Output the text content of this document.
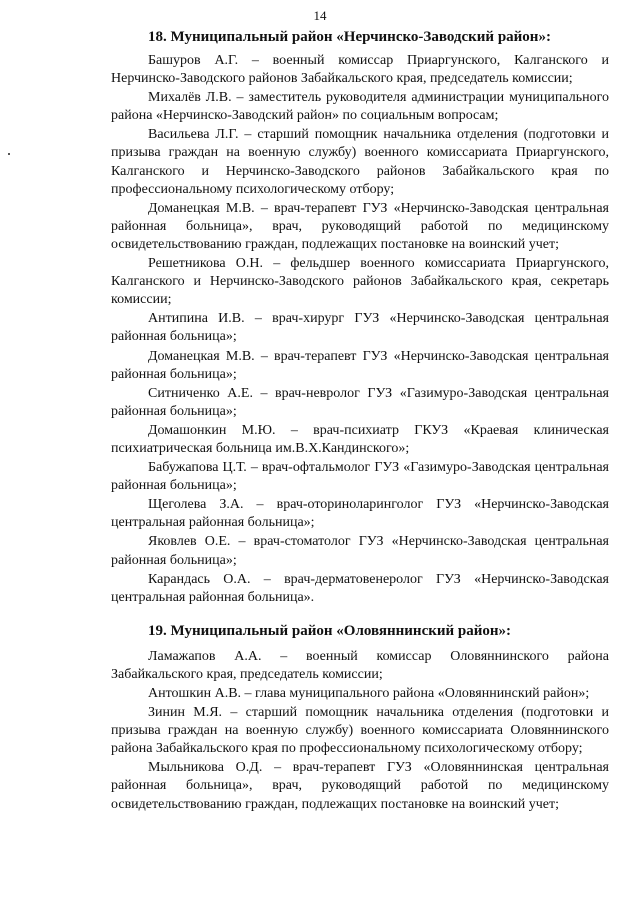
14

18. Муниципальный район «Нерчинско-Заводский район»:

Башуров А.Г. – военный комиссар Приаргунского, Калганского и Нерчинско-Заводского районов Забайкальского края, председатель комиссии;

Михалёв Л.В. – заместитель руководителя администрации муниципального района «Нерчинско-Заводский район» по социальным вопросам;

Васильева Л.Г. – старший помощник начальника отделения (подготовки и призыва граждан на военную службу) военного комиссариата Приаргунского, Калганского и Нерчинско-Заводского районов Забайкальского края по профессиональному психологическому отбору;

Доманецкая М.В. – врач-терапевт ГУЗ «Нерчинско-Заводская центральная районная больница», врач, руководящий работой по медицинскому освидетельствованию граждан, подлежащих постановке на воинский учет;

Решетникова О.Н. – фельдшер военного комиссариата Приаргунского, Калганского и Нерчинско-Заводского районов Забайкальского края, секретарь комиссии;

Антипина И.В. – врач-хирург ГУЗ «Нерчинско-Заводская центральная районная больница»;

Доманецкая М.В. – врач-терапевт ГУЗ «Нерчинско-Заводская центральная районная больница»;

Ситниченко А.Е. – врач-невролог ГУЗ «Газимуро-Заводская центральная районная больница»;

Домашонкин М.Ю. – врач-психиатр ГКУЗ «Краевая клиническая психиатрическая больница им.В.Х.Кандинского»;

Бабужапова Ц.Т. – врач-офтальмолог ГУЗ «Газимуро-Заводская центральная районная больница»;

Щеголева З.А. – врач-оториноларинголог ГУЗ «Нерчинско-Заводская центральная районная больница»;

Яковлев О.Е. – врач-стоматолог ГУЗ «Нерчинско-Заводская центральная районная больница»;

Карандась О.А. – врач-дерматовенеролог ГУЗ «Нерчинско-Заводская центральная районная больница».

19. Муниципальный район «Оловяннинский район»:

Ламажапов А.А. – военный комиссар Оловяннинского района Забайкальского края, председатель комиссии;

Антошкин А.В. – глава муниципального района «Оловяннинский район»;

Зинин М.Я. – старший помощник начальника отделения (подготовки и призыва граждан на военную службу) военного комиссариата Оловяннинского района Забайкальского края по профессиональному психологическому отбору;

Мыльникова О.Д. – врач-терапевт ГУЗ «Оловяннинская центральная районная больница», врач, руководящий работой по медицинскому освидетельствованию граждан, подлежащих постановке на воинский учет;
